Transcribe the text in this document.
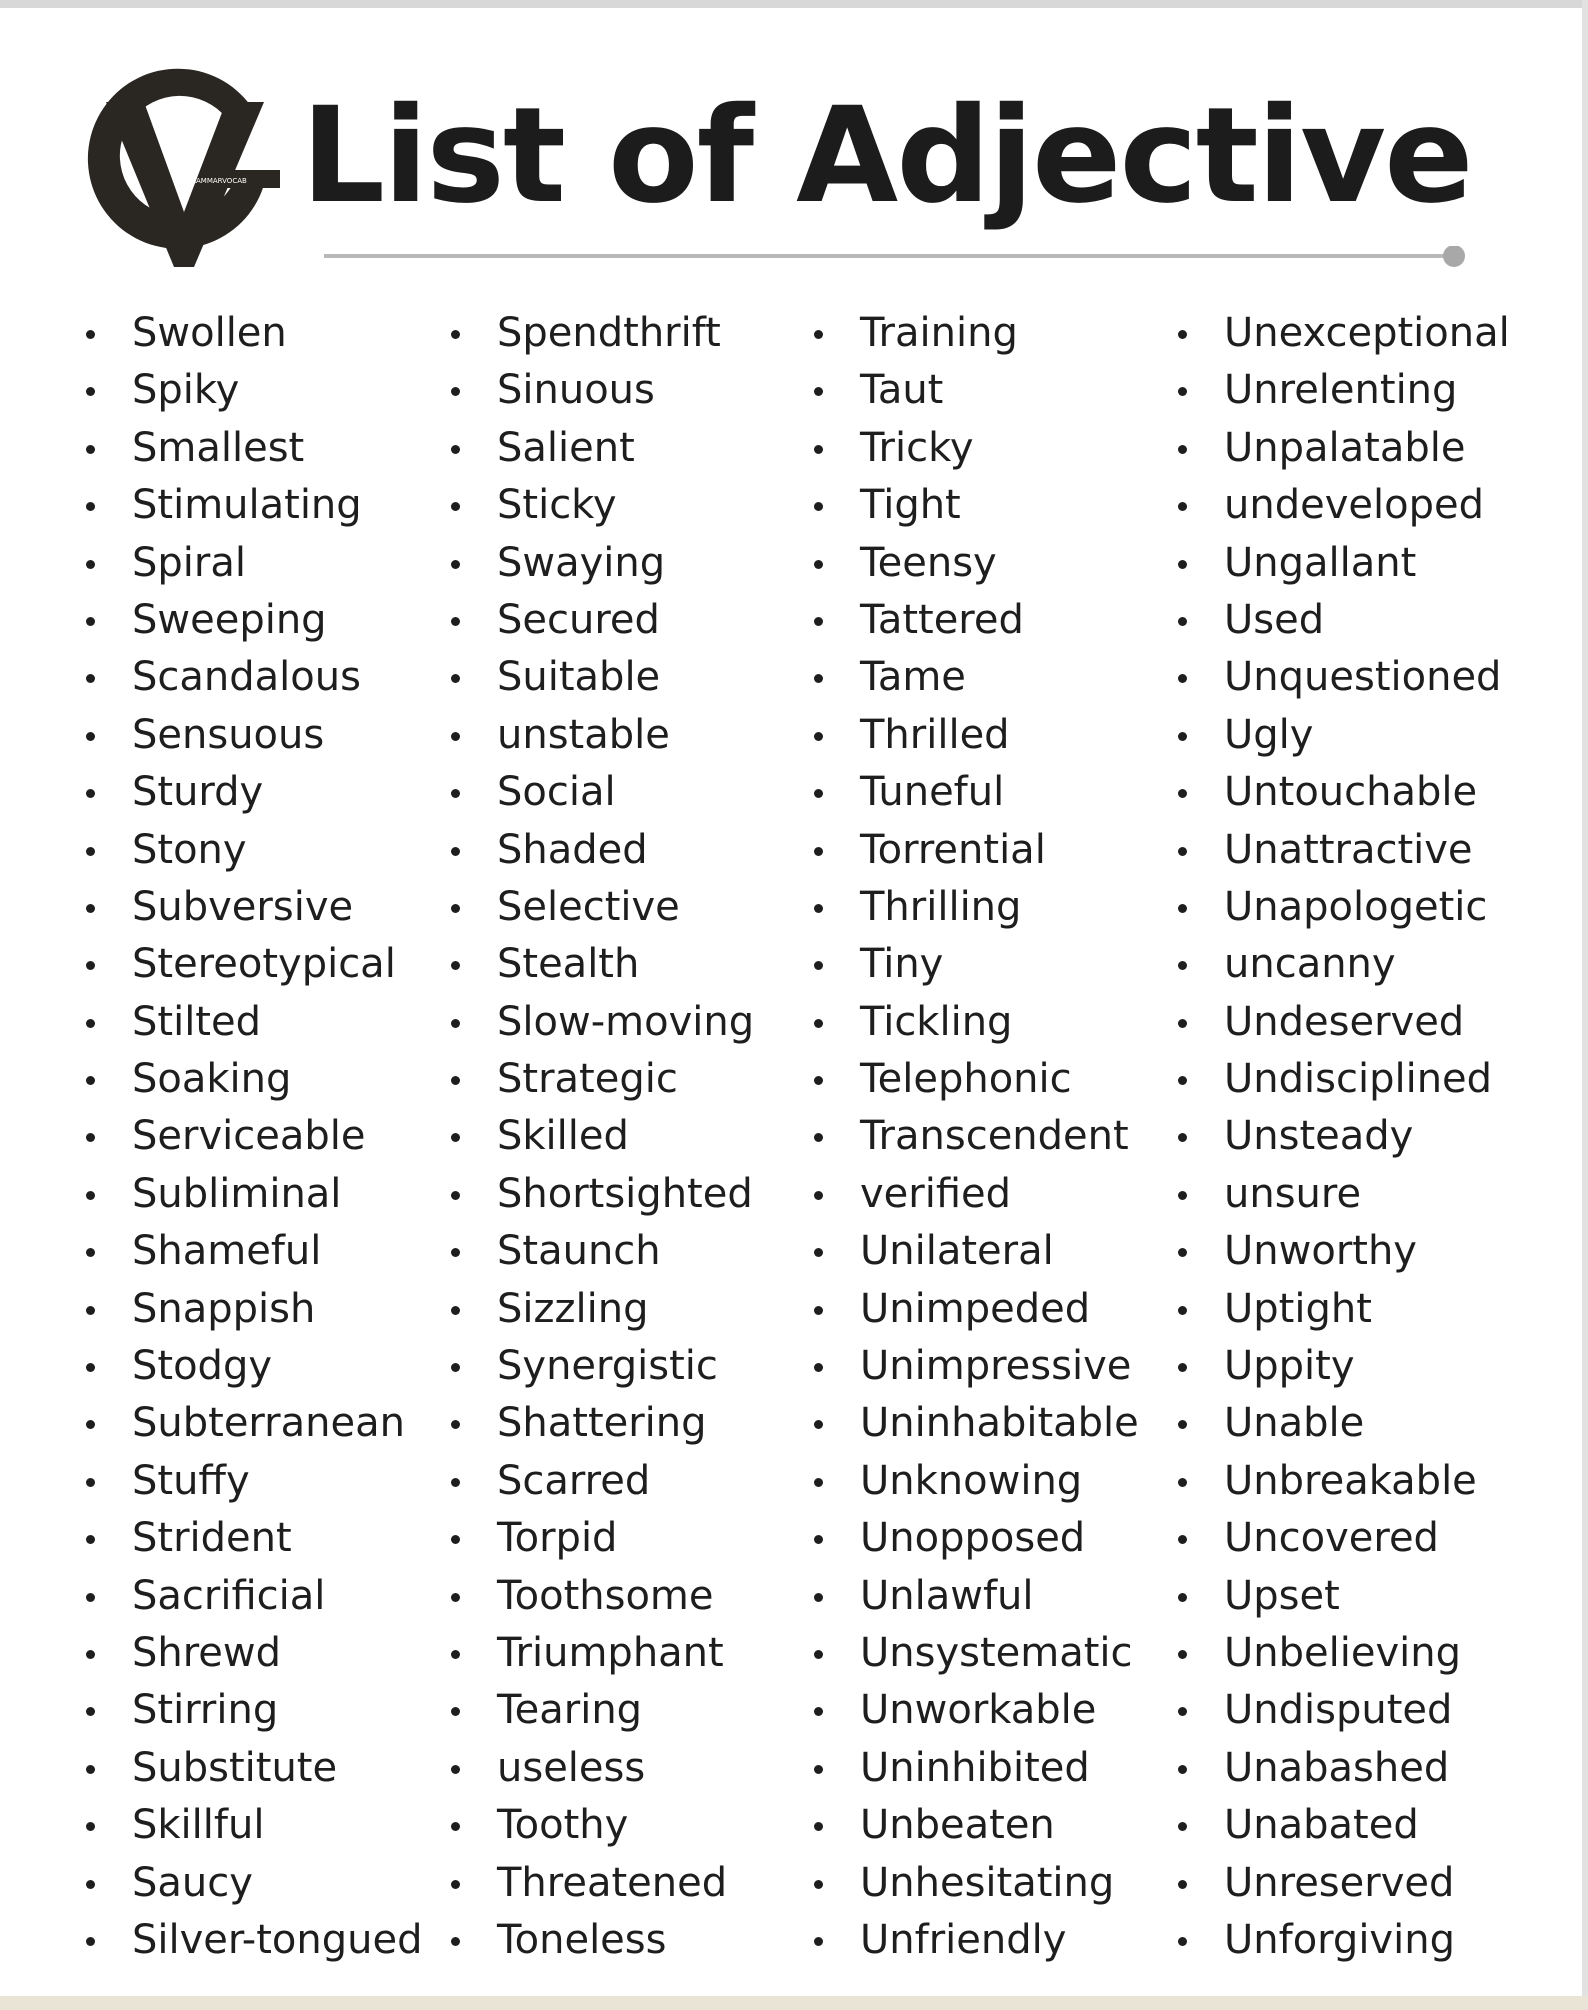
GRAMMARVOCAB List of Adjective
Swollen
Spiky
Smallest
Stimulating
Spiral
Sweeping
Scandalous
Sensuous
Sturdy
Stony
Subversive
Stereotypical
Stilted
Soaking
Serviceable
Subliminal
Shameful
Snappish
Stodgy
Subterranean
Stuffy
Strident
Sacrificial
Shrewd
Stirring
Substitute
Skillful
Saucy
Silver-tongued
Spendthrift
Sinuous
Salient
Sticky
Swaying
Secured
Suitable
unstable
Social
Shaded
Selective
Stealth
Slow-moving
Strategic
Skilled
Shortsighted
Staunch
Sizzling
Synergistic
Shattering
Scarred
Torpid
Toothsome
Triumphant
Tearing
useless
Toothy
Threatened
Toneless
Training
Taut
Tricky
Tight
Teensy
Tattered
Tame
Thrilled
Tuneful
Torrential
Thrilling
Tiny
Tickling
Telephonic
Transcendent
verified
Unilateral
Unimpeded
Unimpressive
Uninhabitable
Unknowing
Unopposed
Unlawful
Unsystematic
Unworkable
Uninhibited
Unbeaten
Unhesitating
Unfriendly
Unexceptional
Unrelenting
Unpalatable
undeveloped
Ungallant
Used
Unquestioned
Ugly
Untouchable
Unattractive
Unapologetic
uncanny
Undeserved
Undisciplined
Unsteady
unsure
Unworthy
Uptight
Uppity
Unable
Unbreakable
Uncovered
Upset
Unbelieving
Undisputed
Unabashed
Unabated
Unreserved
Unforgiving
